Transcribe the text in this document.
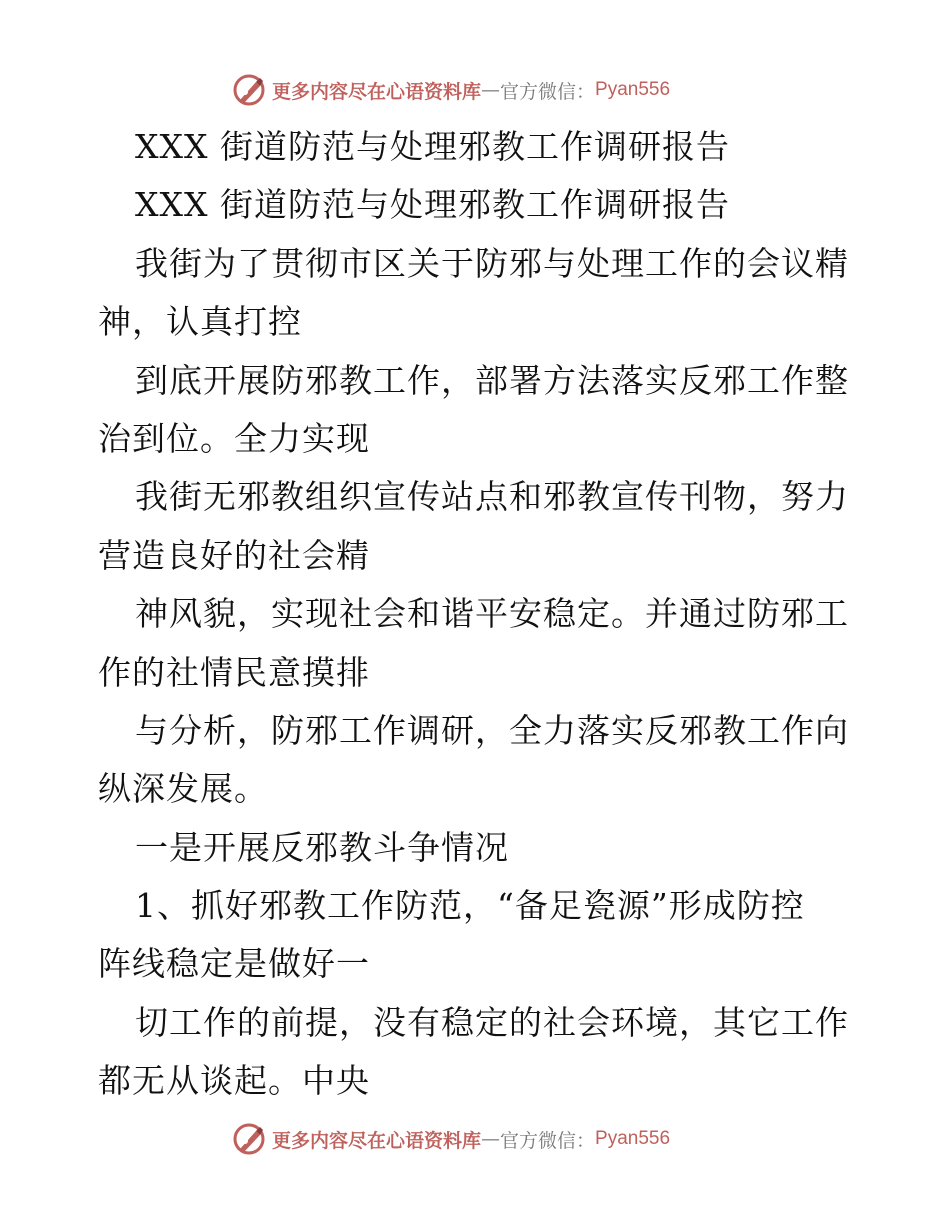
更多内容尽在心语资料库 — 官方微信： Pyan556
XXX 街道防范与处理邪教工作调研报告
XXX 街道防范与处理邪教工作调研报告
我街为了贯彻市区关于防邪与处理工作的会议精
神，认真打控
到底开展防邪教工作，部署方法落实反邪工作整
治到位。全力实现
我街无邪教组织宣传站点和邪教宣传刊物，努力
营造良好的社会精
神风貌，实现社会和谐平安稳定。并通过防邪工
作的社情民意摸排
与分析，防邪工作调研，全力落实反邪教工作向
纵深发展。
一是开展反邪教斗争情况
1、抓好邪教工作防范，“备足瓷源”形成防控
阵线稳定是做好一
切工作的前提，没有稳定的社会环境，其它工作
都无从谈起。中央
更多内容尽在心语资料库 — 官方微信： Pyan556
